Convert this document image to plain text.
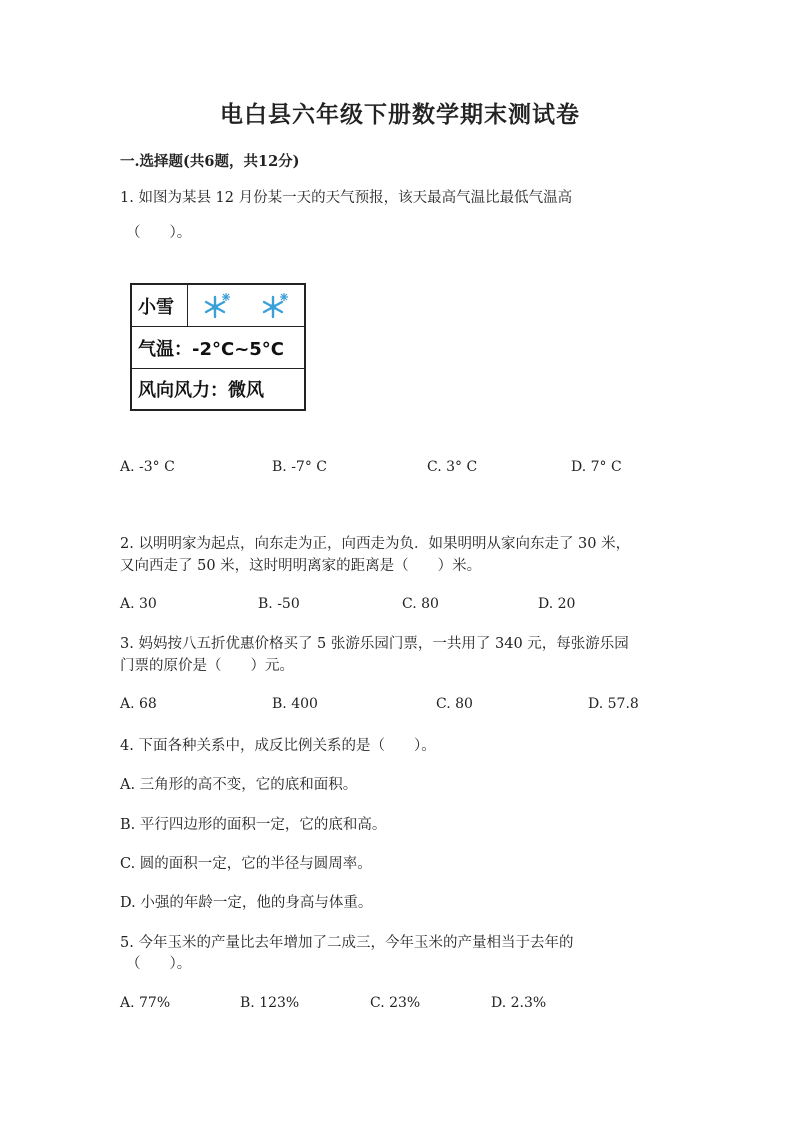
电白县六年级下册数学期末测试卷
一.选择题(共6题，共12分)
1. 如图为某县 12 月份某一天的天气预报，该天最高气温比最低气温高
（　　）。
小雪
气温：-2°C~5°C
风向风力：微风
A. -3° C	B. -7° C	C. 3° C	D. 7° C
2. 以明明家为起点，向东走为正，向西走为负．如果明明从家向东走了 30 米，
又向西走了 50 米，这时明明离家的距离是（　　）米。
A. 30	B. -50	C. 80	D. 20
3. 妈妈按八五折优惠价格买了 5 张游乐园门票，一共用了 340 元，每张游乐园
门票的原价是（　　）元。
A. 68	B. 400	C. 80	D. 57.8
4. 下面各种关系中，成反比例关系的是（　　）。
A. 三角形的高不变，它的底和面积。
B. 平行四边形的面积一定，它的底和高。
C. 圆的面积一定，它的半径与圆周率。
D. 小强的年龄一定，他的身高与体重。
5. 今年玉米的产量比去年增加了二成三，今年玉米的产量相当于去年的
（　　）。
A. 77%	B. 123%	C. 23%	D. 2.3%
